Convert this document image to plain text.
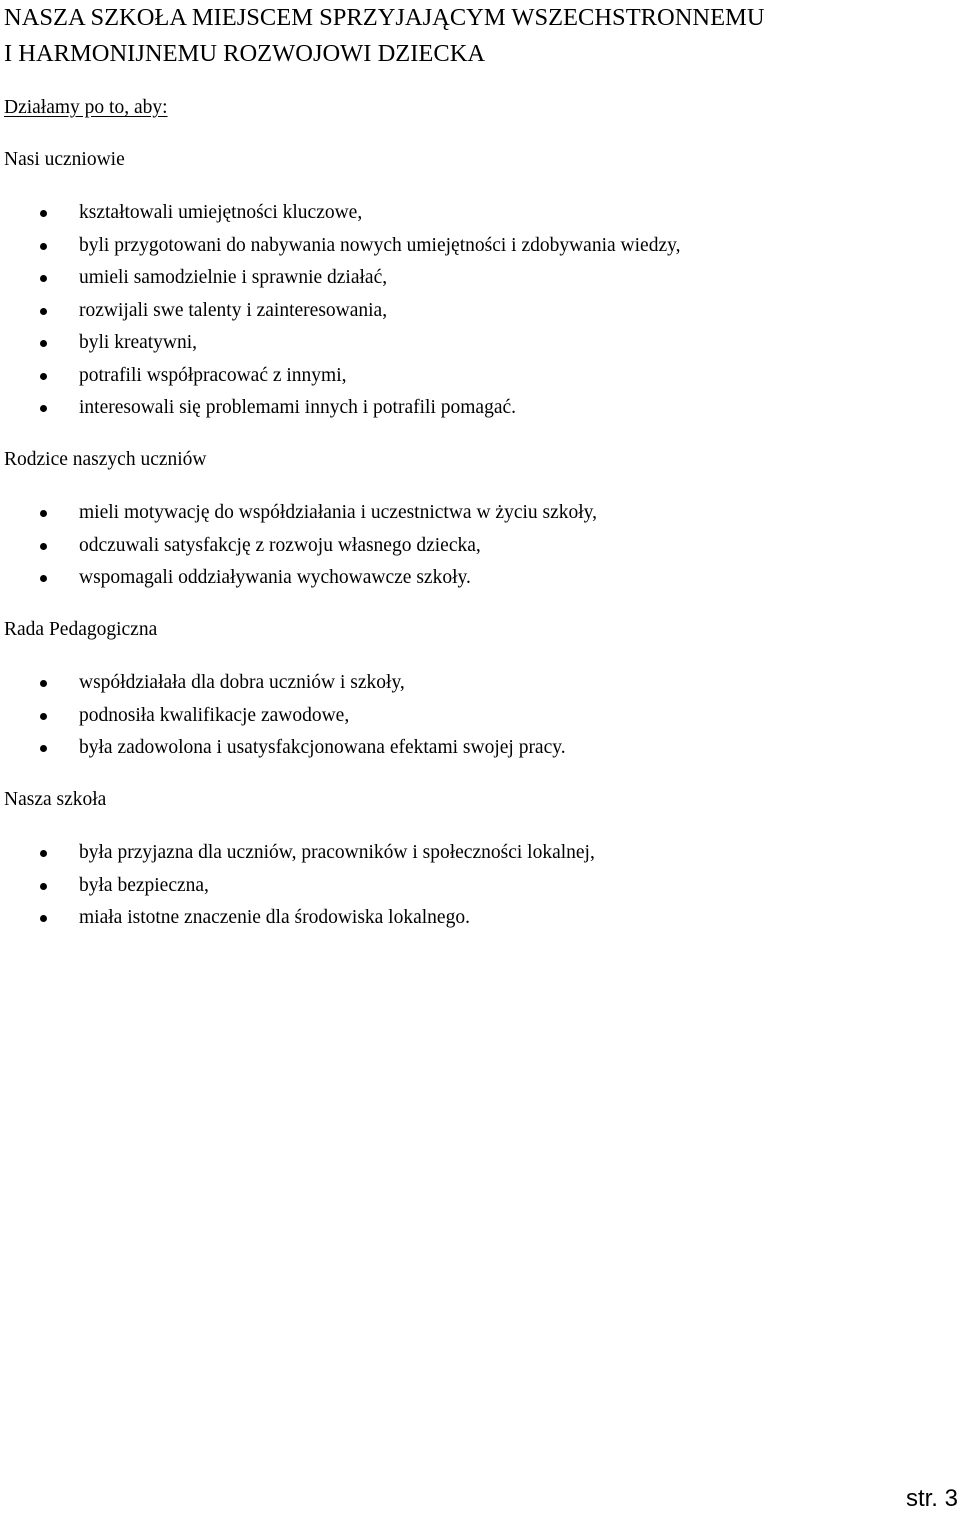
NASZA SZKOŁA MIEJSCEM SPRZYJAJĄCYM WSZECHSTRONNEMU
I HARMONIJNEMU ROZWOJOWI DZIECKA
Działamy po to, aby:
Nasi uczniowie
kształtowali umiejętności kluczowe,
byli przygotowani do nabywania nowych umiejętności i zdobywania wiedzy,
umieli samodzielnie i sprawnie działać,
rozwijali swe talenty i zainteresowania,
byli kreatywni,
potrafili współpracować z innymi,
interesowali się problemami innych i potrafili pomagać.
Rodzice naszych uczniów
mieli motywację do współdziałania i uczestnictwa w życiu szkoły,
odczuwali satysfakcję z rozwoju własnego dziecka,
wspomagali oddziaływania wychowawcze szkoły.
Rada Pedagogiczna
współdziałała dla dobra uczniów i szkoły,
podnosiła kwalifikacje zawodowe,
była zadowolona i usatysfakcjonowana efektami swojej pracy.
Nasza szkoła
była przyjazna dla uczniów, pracowników i społeczności lokalnej,
była bezpieczna,
miała istotne znaczenie dla środowiska lokalnego.
str. 3
